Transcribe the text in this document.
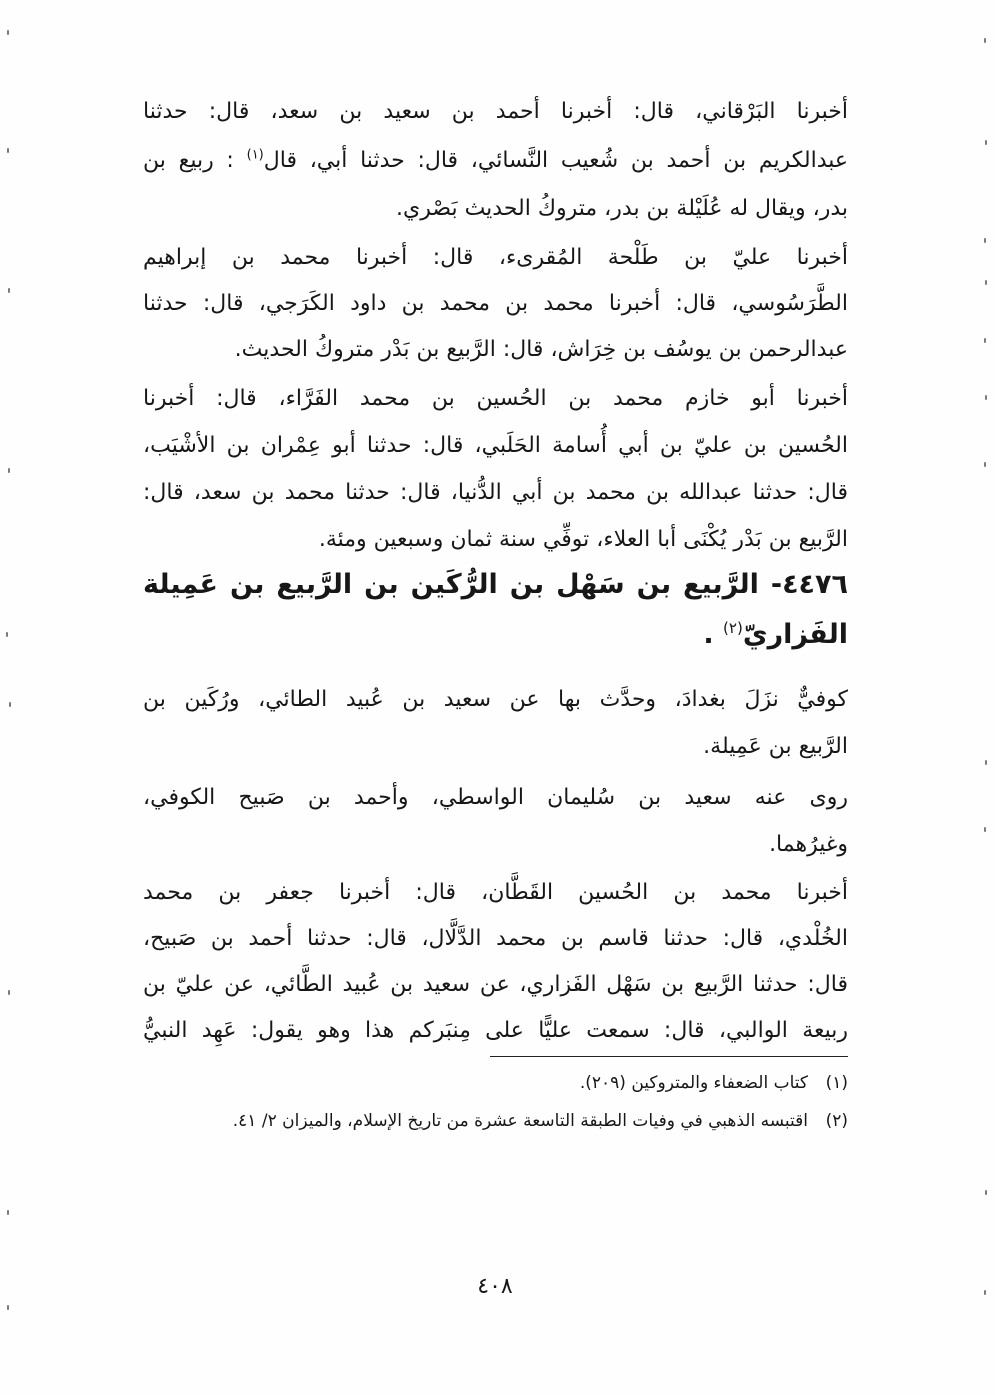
أخبرنا البَرْقاني، قال: أخبرنا أحمد بن سعيد بن سعد، قال: حدثنا
عبدالكريم بن أحمد بن شُعيب النَّسائي، قال: حدثنا أبي، قال$^{(١)}$ : ربيع بن
بدر، ويقال له عُلَيْلة بن بدر، متروكُ الحديث بَصْري.
أخبرنا عليّ بن طَلْحة المُقرىء، قال: أخبرنا محمد بن إبراهيم
الطَّرَسُوسي، قال: أخبرنا محمد بن محمد بن داود الكَرَجي، قال: حدثنا
عبدالرحمن بن يوسُف بن خِرَاش، قال: الرَّبيع بن بَدْر متروكُ الحديث.
أخبرنا أبو خازم محمد بن الحُسين بن محمد الفَرَّاء، قال: أخبرنا
الحُسين بن عليّ بن أبي أُسامة الحَلَبي، قال: حدثنا أبو عِمْران بن الأشْيَب،
قال: حدثنا عبدالله بن محمد بن أبي الدُّنيا، قال: حدثنا محمد بن سعد، قال:
الرَّبيع بن بَدْر يُكْنَى أبا العلاء، توفِّي سنة ثمان وسبعين ومئة.
٤٤٧٦- الرَّبيع بن سَهْل بن الرُّكَين بن الرَّبيع بن عَمِيلة
الفَزاريّ$^{(٢)}$ .
كوفيٌّ نزَلَ بغدادَ، وحدَّث بها عن سعيد بن عُبيد الطائي، ورُكَين بن
الرَّبيع بن عَمِيلة.
روى عنه سعيد بن سُليمان الواسطي، وأحمد بن صَبيح الكوفي،
وغيرُهما.
أخبرنا محمد بن الحُسين القَطَّان، قال: أخبرنا جعفر بن محمد
الخُلْدي، قال: حدثنا قاسم بن محمد الدَّلَّال، قال: حدثنا أحمد بن صَبيح،
قال: حدثنا الرَّبيع بن سَهْل الفَزاري، عن سعيد بن عُبيد الطَّائي، عن عليّ بن
ربيعة الوالبي، قال: سمعت عليًّا على مِنبَركم هذا وهو يقول: عَهِد النبيُّ
(١)كتاب الضعفاء والمتروكين (٢٠٩).
(٢)اقتبسه الذهبي في وفيات الطبقة التاسعة عشرة من تاريخ الإسلام، والميزان ٢/ ٤١.
٤٠٨
